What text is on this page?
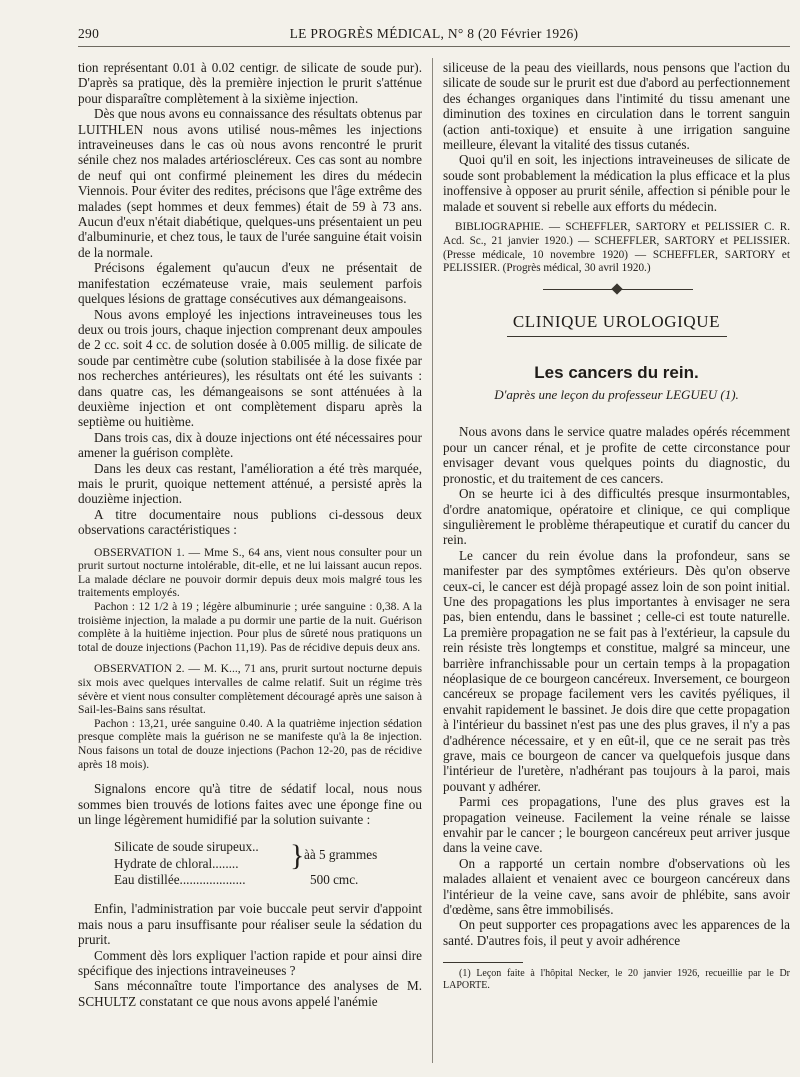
290	LE PROGRÈS MÉDICAL, N° 8 (20 Février 1926)

tion représentant 0.01 à 0.02 centigr. de silicate de soude pur). D'après sa pratique, dès la première injection le prurit s'atténue pour disparaître complètement à la sixième injection.

Dès que nous avons eu connaissance des résultats obtenus par LUITHLEN nous avons utilisé nous-mêmes les injections intraveineuses dans le cas où nous avons rencontré le prurit sénile chez nos malades artérioscléreux. Ces cas sont au nombre de neuf qui ont confirmé pleinement les dires du médecin Viennois. Pour éviter des redites, précisons que l'âge extrême des malades (sept hommes et deux femmes) était de 59 à 73 ans. Aucun d'eux n'était diabétique, quelques-uns présentaient un peu d'albuminurie, et chez tous, le taux de l'urée sanguine était voisin de la normale.

Précisons également qu'aucun d'eux ne présentait de manifestation eczémateuse vraie, mais seulement parfois quelques lésions de grattage consécutives aux démangeaisons.

Nous avons employé les injections intraveineuses tous les deux ou trois jours, chaque injection comprenant deux ampoules de 2 cc. soit 4 cc. de solution dosée à 0.005 millig. de silicate de soude par centimètre cube (solution stabilisée à la dose fixée par nos recherches antérieures), les résultats ont été les suivants : dans quatre cas, les démangeaisons se sont atténuées à la deuxième injection et ont complètement disparu après la septième ou huitième.

Dans trois cas, dix à douze injections ont été nécessaires pour amener la guérison complète.

Dans les deux cas restant, l'amélioration a été très marquée, mais le prurit, quoique nettement atténué, a persisté après la douzième injection.

A titre documentaire nous publions ci-dessous deux observations caractéristiques :

OBSERVATION 1. — Mme S., 64 ans, vient nous consulter pour un prurit surtout nocturne intolérable, dit-elle, et ne lui laissant aucun repos. La malade déclare ne pouvoir dormir depuis deux mois malgré tous les traitements employés.

Pachon : 12 1/2 à 19 ; légère albuminurie ; urée sanguine : 0,38. A la troisième injection, la malade a pu dormir une partie de la nuit. Guérison complète à la huitième injection. Pour plus de sûreté nous pratiquons un total de douze injections (Pachon 11,19). Pas de récidive depuis deux ans.

OBSERVATION 2. — M. K..., 71 ans, prurit surtout nocturne depuis six mois avec quelques intervalles de calme relatif. Suit un régime très sévère et vient nous consulter complètement découragé après une saison à Sail-les-Bains sans résultat.

Pachon : 13,21, urée sanguine 0.40. A la quatrième injection sédation presque complète mais la guérison ne se manifeste qu'à la 8e injection. Nous faisons un total de douze injections (Pachon 12-20, pas de récidive après 18 mois).

Signalons encore qu'à titre de sédatif local, nous nous sommes bien trouvés de lotions faites avec une éponge fine ou un linge légèrement humidifié par la solution suivante :

Silicate de soude sirupeux..
Hydrate de chloral........
Eau distillée....................
} àà 5 grammes
500 cmc.

Enfin, l'administration par voie buccale peut servir d'appoint mais nous a paru insuffisante pour réaliser seule la sédation du prurit.

Comment dès lors expliquer l'action rapide et pour ainsi dire spécifique des injections intraveineuses ?

Sans méconnaître toute l'importance des analyses de M. SCHULTZ constatant ce que nous avons appelé l'anémie

siliceuse de la peau des vieillards, nous pensons que l'action du silicate de soude sur le prurit est due d'abord au perfectionnement des échanges organiques dans l'intimité du tissu amenant une diminution des toxines en circulation dans le torrent sanguin (action anti-toxique) et ensuite à une irrigation sanguine meilleure, élevant la vitalité des tissus cutanés.

Quoi qu'il en soit, les injections intraveineuses de silicate de soude sont probablement la médication la plus efficace et la plus inoffensive à opposer au prurit sénile, affection si pénible pour le malade et souvent si rebelle aux efforts du médecin.

BIBLIOGRAPHIE. — SCHEFFLER, SARTORY et PELISSIER C. R. Acd. Sc., 21 janvier 1920.) — SCHEFFLER, SARTORY et PELISSIER. (Presse médicale, 10 novembre 1920) — SCHEFFLER, SARTORY et PELISSIER. (Progrès médical, 30 avril 1920.)

CLINIQUE UROLOGIQUE
Les cancers du rein.
D'après une leçon du professeur LEGUEU (1).

Nous avons dans le service quatre malades opérés récemment pour un cancer rénal, et je profite de cette circonstance pour envisager devant vous quelques points du diagnostic, du pronostic, et du traitement de ces cancers.

On se heurte ici à des difficultés presque insurmontables, d'ordre anatomique, opératoire et clinique, ce qui complique singulièrement le problème thérapeutique et curatif du cancer du rein.

Le cancer du rein évolue dans la profondeur, sans se manifester par des symptômes extérieurs. Dès qu'on observe ceux-ci, le cancer est déjà propagé assez loin de son point initial. Une des propagations les plus importantes à envisager ne sera pas, bien entendu, dans le bassinet ; celle-ci est toute naturelle. La première propagation ne se fait pas à l'extérieur, la capsule du rein résiste très longtemps et constitue, malgré sa minceur, une barrière infranchissable pour un certain temps à la propagation néoplasique de ce bourgeon cancéreux. Inversement, ce bourgeon cancéreux se propage facilement vers les cavités pyéliques, il envahit rapidement le bassinet. Je dois dire que cette propagation à l'intérieur du bassinet n'est pas une des plus graves, il n'y a pas d'adhérence nécessaire, et y en eût-il, que ce ne serait pas très grave, mais ce bourgeon de cancer va quelquefois jusque dans l'intérieur de l'uretère, n'adhérant pas toujours à la paroi, mais pouvant y adhérer.

Parmi ces propagations, l'une des plus graves est la propagation veineuse. Facilement la veine rénale se laisse envahir par le cancer ; le bourgeon cancéreux peut arriver jusque dans la veine cave.

On a rapporté un certain nombre d'observations où les malades allaient et venaient avec ce bourgeon cancéreux dans l'intérieur de la veine cave, sans avoir de phlébite, sans avoir d'œdème, sans être immobilisés.

On peut supporter ces propagations avec les apparences de la santé. D'autres fois, il peut y avoir adhérence

(1) Leçon faite à l'hôpital Necker, le 20 janvier 1926, recueillie par le Dr LAPORTE.
